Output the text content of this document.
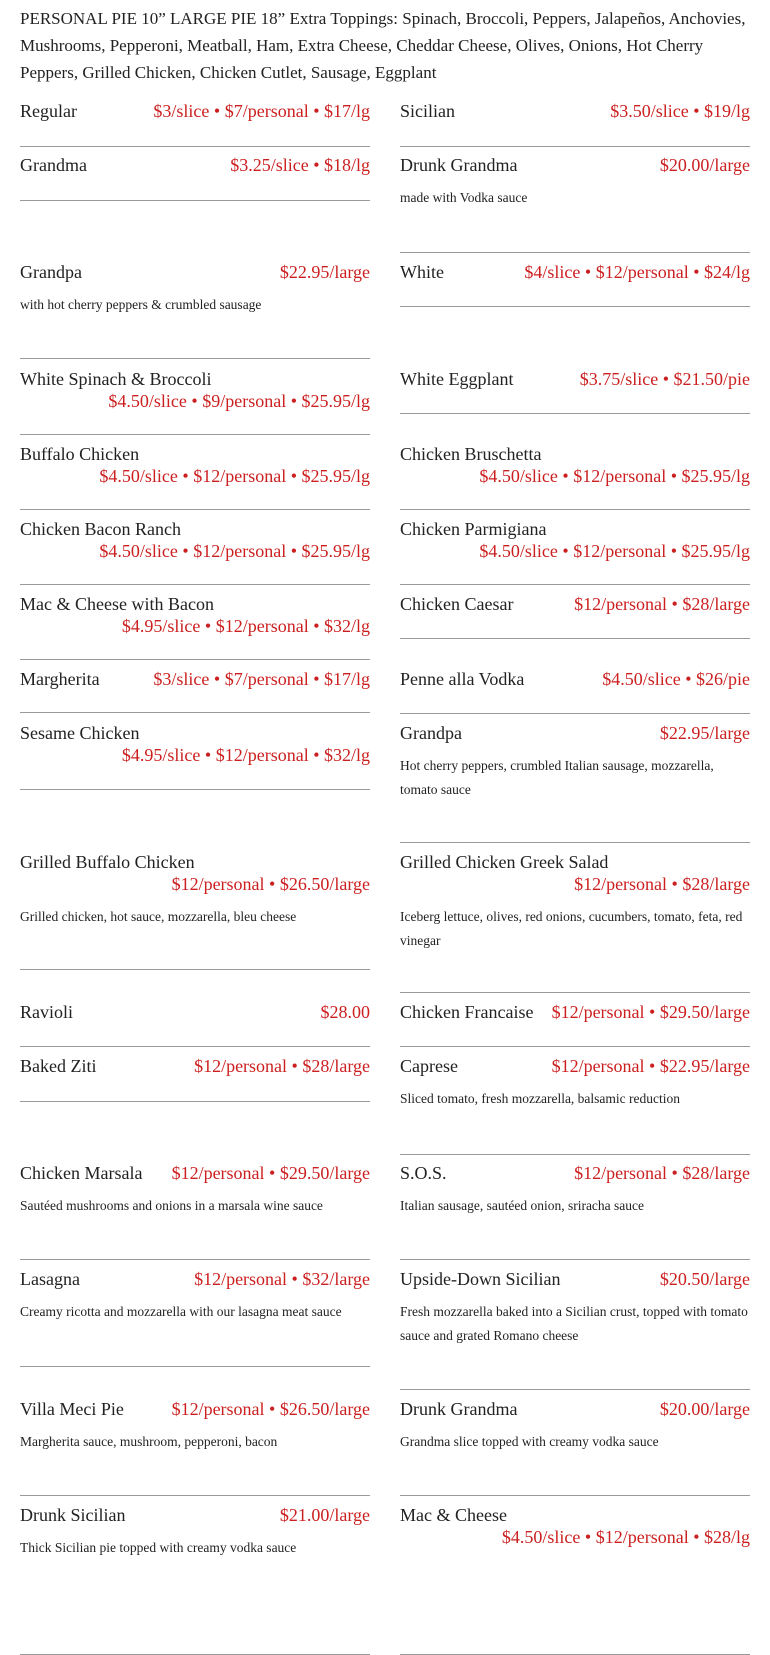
PERSONAL PIE 10” LARGE PIE 18” Extra Toppings: Spinach, Broccoli, Peppers, Jalapeños, Anchovies, Mushrooms, Pepperoni, Meatball, Ham, Extra Cheese, Cheddar Cheese, Olives, Onions, Hot Cherry Peppers, Grilled Chicken, Chicken Cutlet, Sausage, Eggplant
Regular	$3/slice • $7/personal • $17/lg
Grandma	$3.25/slice • $18/lg
Grandpa	$22.95/large
with hot cherry peppers & crumbled sausage
White Spinach & Broccoli
$4.50/slice • $9/personal • $25.95/lg
Buffalo Chicken
$4.50/slice • $12/personal • $25.95/lg
Chicken Bacon Ranch
$4.50/slice • $12/personal • $25.95/lg
Mac & Cheese with Bacon
$4.95/slice • $12/personal • $32/lg
Margherita	$3/slice • $7/personal • $17/lg
Sesame Chicken
$4.95/slice • $12/personal • $32/lg
Grilled Buffalo Chicken
$12/personal • $26.50/large
Grilled chicken, hot sauce, mozzarella, bleu cheese
Ravioli	$28.00
Baked Ziti	$12/personal • $28/large
Chicken Marsala $12/personal • $29.50/large
Sautéed mushrooms and onions in a marsala wine sauce
Lasagna	$12/personal • $32/large
Creamy ricotta and mozzarella with our lasagna meat sauce
Villa Meci Pie	$12/personal • $26.50/large
Margherita sauce, mushroom, pepperoni, bacon
Drunk Sicilian	$21.00/large
Thick Sicilian pie topped with creamy vodka sauce
Sicilian	$3.50/slice • $19/lg
Drunk Grandma	$20.00/large
made with Vodka sauce
White	$4/slice • $12/personal • $24/lg
White Eggplant	$3.75/slice • $21.50/pie
Chicken Bruschetta
$4.50/slice • $12/personal • $25.95/lg
Chicken Parmigiana
$4.50/slice • $12/personal • $25.95/lg
Chicken Caesar	$12/personal • $28/large
Penne alla Vodka	$4.50/slice • $26/pie
Grandpa	$22.95/large
Hot cherry peppers, crumbled Italian sausage, mozzarella, tomato sauce
Grilled Chicken Greek Salad
$12/personal • $28/large
Iceberg lettuce, olives, red onions, cucumbers, tomato, feta, red vinegar
Chicken Francaise $12/personal • $29.50/large
Caprese	$12/personal • $22.95/large
Sliced tomato, fresh mozzarella, balsamic reduction
S.O.S.	$12/personal • $28/large
Italian sausage, sautéed onion, sriracha sauce
Upside-Down Sicilian	$20.50/large
Fresh mozzarella baked into a Sicilian crust, topped with tomato sauce and grated Romano cheese
Drunk Grandma	$20.00/large
Grandma slice topped with creamy vodka sauce
Mac & Cheese
$4.50/slice • $12/personal • $28/lg
